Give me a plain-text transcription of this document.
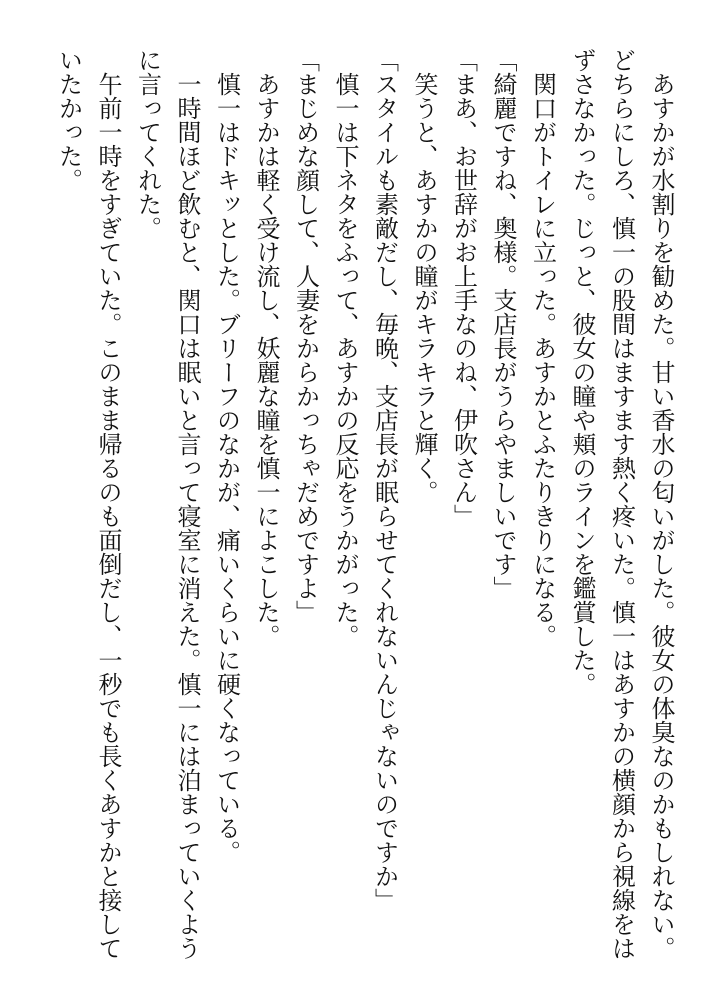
　あすかが水割りを勧めた。甘い香水の匂いがした。彼女の体臭なのかもしれない。どちらにしろ、慎一の股間はますます熱く疼いた。慎一はあすかの横顔から視線をはずさなかった。じっと、彼女の瞳や頬のラインを鑑賞した。

　関口がトイレに立った。あすかとふたりきりになる。

「綺麗ですね、奥様。支店長がうらやましいです」

「まあ、お世辞がお上手なのね、伊吹さん」

　笑うと、あすかの瞳がキラキラと輝く。

「スタイルも素敵だし、毎晩、支店長が眠らせてくれないんじゃないのですか」

　慎一は下ネタをふって、あすかの反応をうかがった。

「まじめな顔して、人妻をからかっちゃだめですよ」

　あすかは軽く受け流し、妖麗な瞳を慎一によこした。

　慎一はドキッとした。ブリーフのなかが、痛いくらいに硬くなっている。

　一時間ほど飲むと、関口は眠いと言って寝室に消えた。慎一には泊まっていくように言ってくれた。

　午前一時をすぎていた。このまま帰るのも面倒だし、一秒でも長くあすかと接していたかった。
